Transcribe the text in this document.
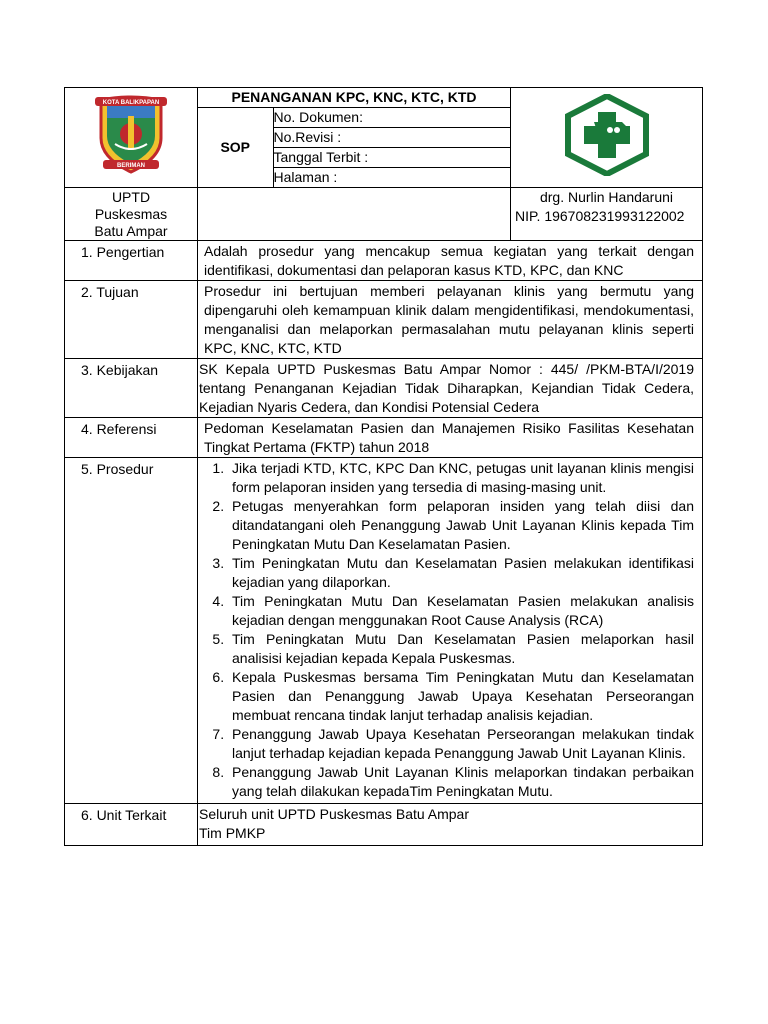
KOTA BALIKPAPAN
BERIMAN

PENANGANAN KPC, KNC, KTC, KTD
SOP	No. Dokumen:
No.Revisi :
Tanggal Terbit :
Halaman :

UPTD
Puskesmas
Batu Ampar

drg. Nurlin Handaruni
NIP. 196708231993122002

1. Pengertian	Adalah prosedur yang mencakup semua kegiatan yang terkait dengan identifikasi, dokumentasi dan pelaporan kasus KTD, KPC, dan KNC
2. Tujuan	Prosedur ini bertujuan memberi pelayanan klinis yang bermutu yang dipengaruhi oleh kemampuan klinik dalam mengidentifikasi, mendokumentasi, menganalisi dan melaporkan permasalahan mutu pelayanan klinis seperti KPC, KNC, KTC, KTD
3. Kebijakan	SK Kepala UPTD Puskesmas Batu Ampar Nomor : 445/ /PKM-BTA/I/2019 tentang Penanganan Kejadian Tidak Diharapkan, Kejandian Tidak Cedera, Kejadian Nyaris Cedera, dan Kondisi Potensial Cedera
4. Referensi	Pedoman Keselamatan Pasien dan Manajemen Risiko Fasilitas Kesehatan Tingkat Pertama (FKTP) tahun 2018
5. Prosedur	
1.Jika terjadi KTD, KTC, KPC Dan KNC, petugas unit layanan klinis mengisi form pelaporan insiden yang tersedia di masing-masing unit.
2. Petugas menyerahkan form pelaporan insiden yang telah diisi dan ditandatangani oleh Penanggung Jawab Unit Layanan Klinis kepada Tim Peningkatan Mutu Dan Keselamatan Pasien.
3. Tim Peningkatan Mutu dan Keselamatan Pasien melakukan identifikasi kejadian yang dilaporkan.
4. Tim Peningkatan Mutu Dan Keselamatan Pasien melakukan analisis kejadian dengan menggunakan Root Cause Analysis (RCA)
5. Tim Peningkatan Mutu Dan Keselamatan Pasien melaporkan hasil analisisi kejadian kepada Kepala Puskesmas.
6. Kepala Puskesmas bersama Tim Peningkatan Mutu dan Keselamatan Pasien dan Penanggung Jawab Upaya Kesehatan Perseorangan membuat rencana tindak lanjut terhadap analisis kejadian.
7. Penanggung Jawab Upaya Kesehatan Perseorangan melakukan tindak lanjut terhadap kejadian kepada Penanggung Jawab Unit Layanan Klinis.
8. Penanggung Jawab Unit Layanan Klinis melaporkan tindakan perbaikan yang telah dilakukan kepadaTim Peningkatan Mutu.

6. Unit Terkait	Seluruh unit UPTD Puskesmas Batu Ampar
Tim PMKP
